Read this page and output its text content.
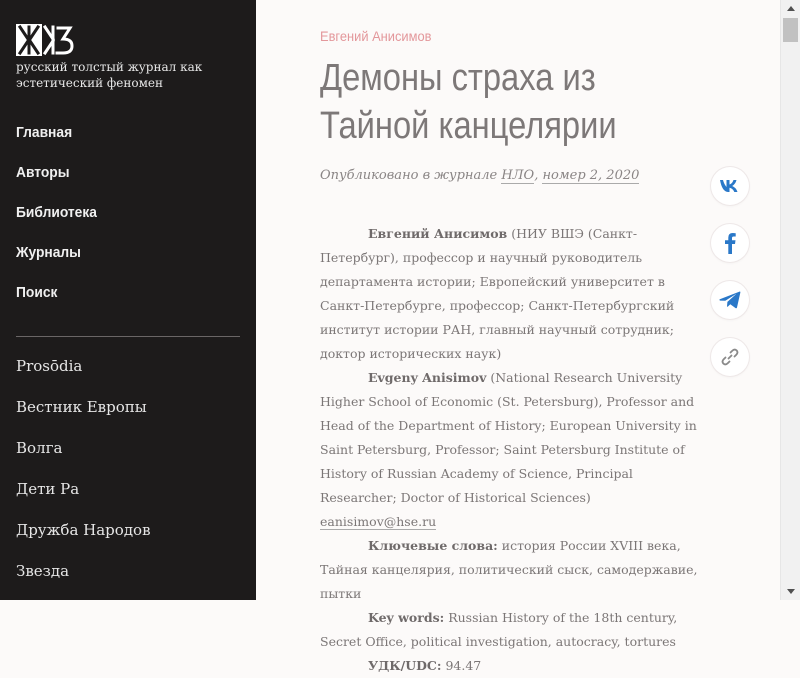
русский толстый журнал как эстетический феномен
Главная
Авторы
Библиотека
Журналы
Поиск
Prosōdia
Вестник Европы
Волга
Дети Ра
Дружба Народов
Звезда
Евгений Анисимов
Демоны страха из Тайной канцелярии
Опубликовано в журнале НЛО, номер 2, 2020

Евгений Анисимов (НИУ ВШЭ (Санкт-Петербург), профессор и научный руководитель департамента истории; Европейский университет в Санкт-Петербурге, профессор; Санкт-Петербургский институт истории РАН, главный научный сотрудник; доктор исторических наук)

Evgeny Anisimov (National Research University Higher School of Economic (St. Petersburg), Professor and Head of the Department of History; European University in Saint Petersburg, Professor; Saint Petersburg Institute of History of Russian Academy of Science, Principal Researcher; Doctor of Historical Sciences) eanisimov@hse.ru

Ключевые слова: история России XVIII века, Тайная канцелярия, политический сыск, самодержавие, пытки

Key words: Russian History of the 18th century, Secret Office, political investigation, autocracy, tortures

УДК/UDC: 94.47
